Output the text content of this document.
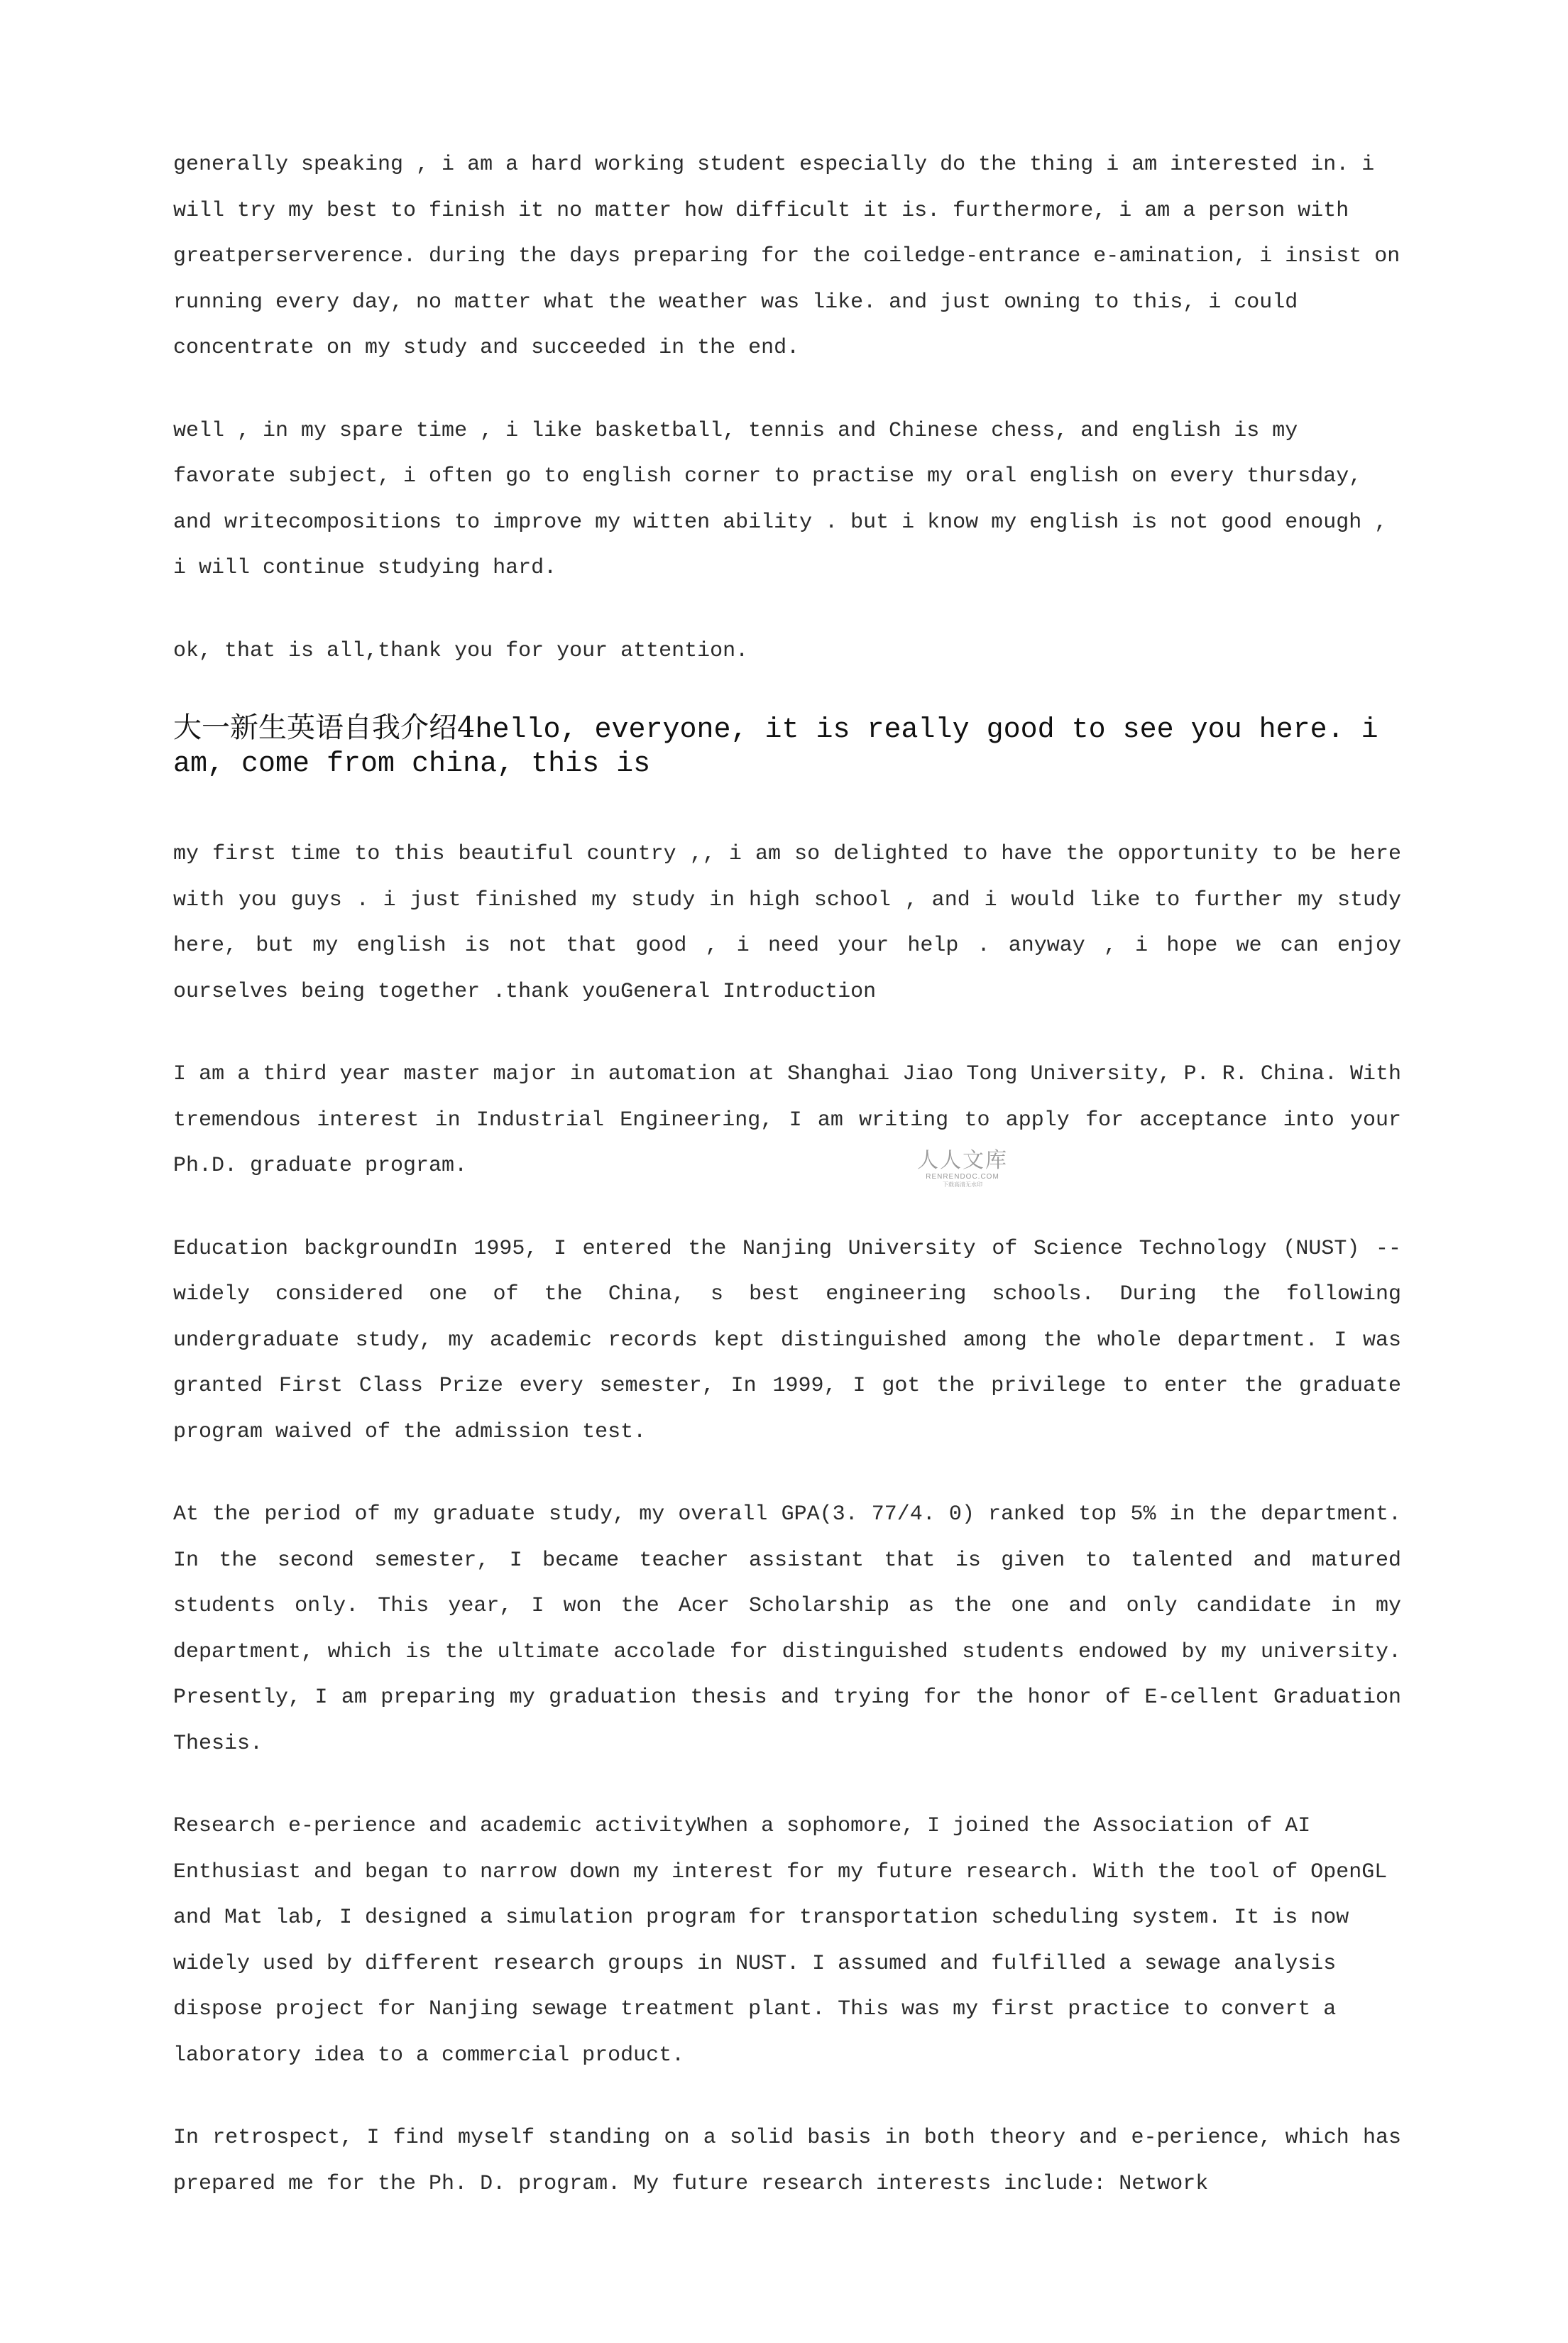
generally speaking , i am a hard working student especially do the thing i am interested in. i will try my best to finish it no matter how difficult it is. furthermore, i am a person with greatperserverence. during the days preparing for the coiledge-entrance e-amination, i insist on running every day, no matter what the weather was like. and just owning to this, i could concentrate on my study and succeeded in the end.

well , in my spare time , i like basketball, tennis and Chinese chess, and english is my favorate subject, i often go to english corner to practise my oral english on every thursday, and writecompositions to improve my witten ability . but i know my english is not good enough , i will continue studying hard.

ok, that is all,thank you for your attention.

大一新生英语自我介绍4hello, everyone, it is really good to see you here. i am, come from china, this is

my first time to this beautiful country ,, i am so delighted to have the opportunity to be here with you guys . i just finished my study in high school , and i would like to further my study here, but my english is not that good , i need your help . anyway , i hope we can enjoy ourselves being together .thank youGeneral Introduction

I am a third year master major in automation at Shanghai Jiao Tong University, P. R. China. With tremendous interest in Industrial Engineering, I am writing to apply for acceptance into your Ph.D. graduate program.

Education backgroundIn 1995, I entered the Nanjing University of Science Technology (NUST) -- widely considered one of the China, s best engineering schools. During the following undergraduate study, my academic records kept distinguished among the whole department. I was granted First Class Prize every semester, In 1999, I got the privilege to enter the graduate program waived of the admission test.

At the period of my graduate study, my overall GPA(3. 77/4. 0) ranked top 5% in the department. In the second semester, I became teacher assistant that is given to talented and matured students only. This year, I won the Acer Scholarship as the one and only candidate in my department, which is the ultimate accolade for distinguished students endowed by my university. Presently, I am preparing my graduation thesis and trying for the honor of E-cellent Graduation Thesis.

Research e-perience and academic activityWhen a sophomore, I joined the Association of AI Enthusiast and began to narrow down my interest for my future research. With the tool of OpenGL and Mat lab, I designed a simulation program for transportation scheduling system. It is now widely used by different research groups in NUST. I assumed and fulfilled a sewage analysis dispose project for Nanjing sewage treatment plant. This was my first practice to convert a laboratory idea to a commercial product.

In retrospect, I find myself standing on a solid basis in both theory and e-perience, which has prepared me for the Ph. D. program. My future research interests include: Network

人人文库
RENRENDOC.COM
下载高清无水印
